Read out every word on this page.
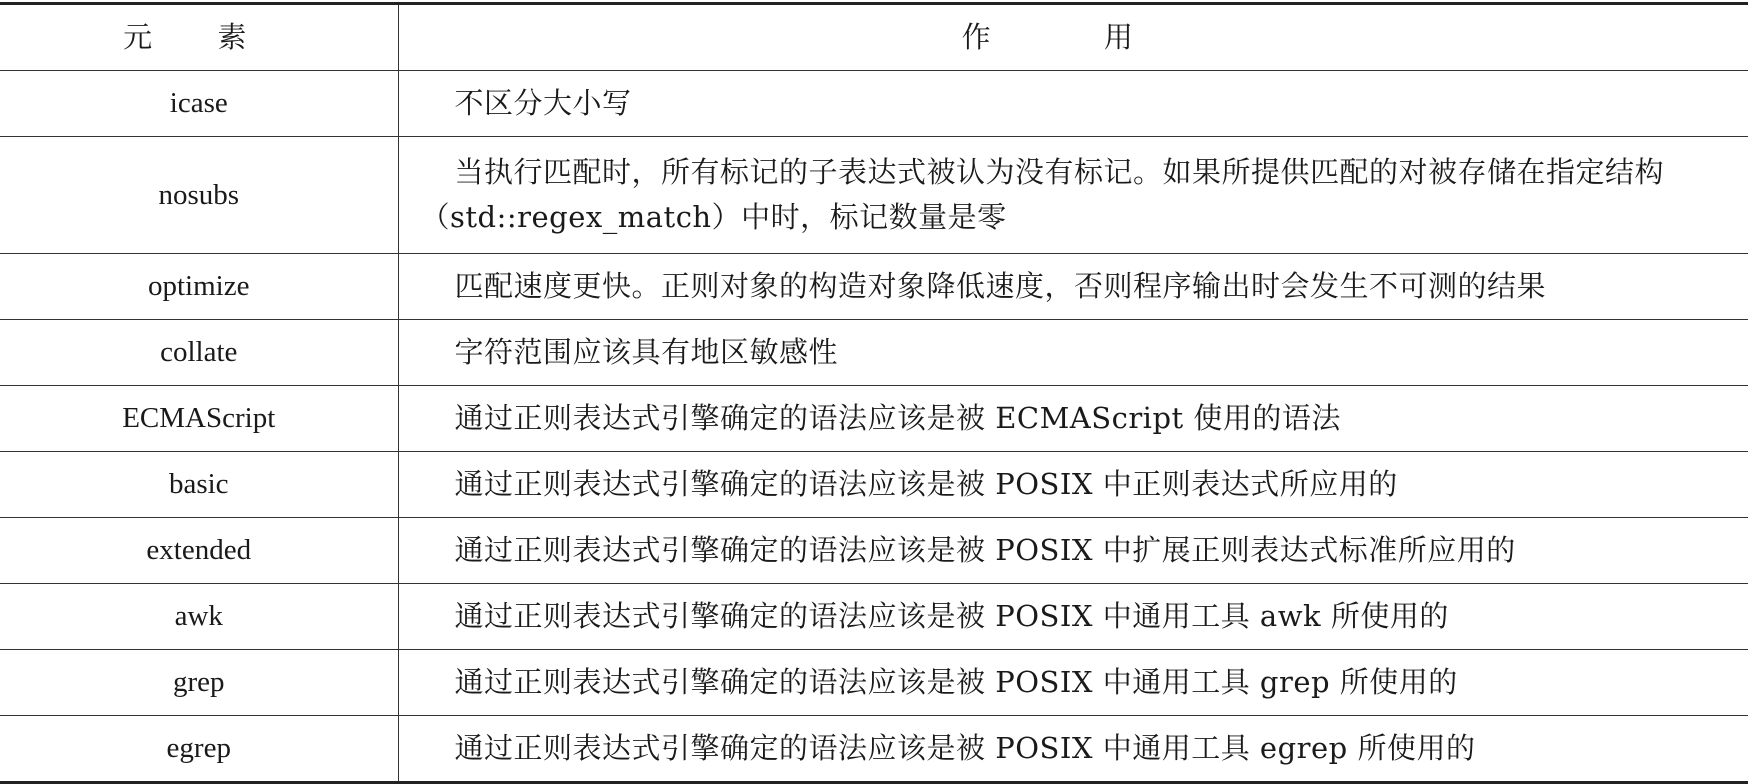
元 素	作 用
icase	不区分大小写

nosubs	当执行匹配时，所有标记的子表达式被认为没有标记。如果所提供匹配的对被存储在指定结构（std::regex_match）中时，标记数量是零

optimize	匹配速度更快。正则对象的构造对象降低速度，否则程序输出时会发生不可测的结果

collate	字符范围应该具有地区敏感性

ECMAScript	通过正则表达式引擎确定的语法应该是被 ECMAScript 使用的语法

basic	通过正则表达式引擎确定的语法应该是被 POSIX 中正则表达式所应用的

extended	通过正则表达式引擎确定的语法应该是被 POSIX 中扩展正则表达式标准所应用的

awk	通过正则表达式引擎确定的语法应该是被 POSIX 中通用工具 awk 所使用的

grep	通过正则表达式引擎确定的语法应该是被 POSIX 中通用工具 grep 所使用的

egrep	通过正则表达式引擎确定的语法应该是被 POSIX 中通用工具 egrep 所使用的
